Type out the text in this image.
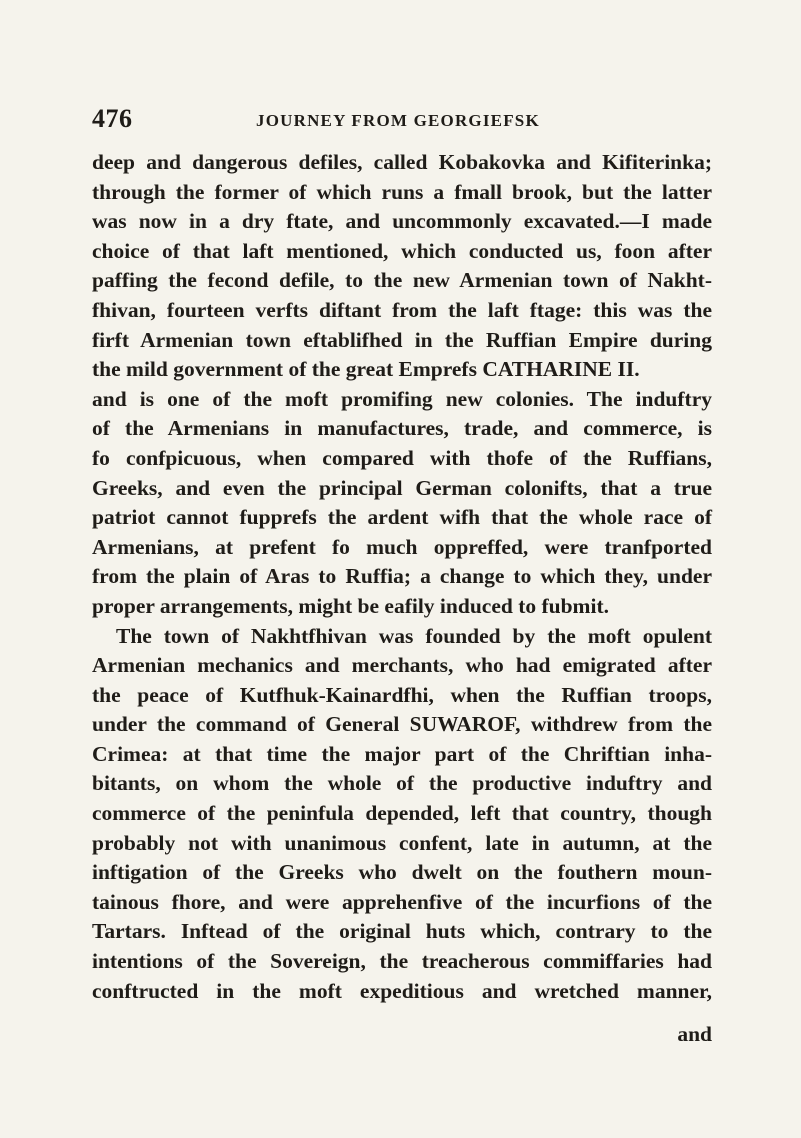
476	JOURNEY FROM GEORGIEFSK
deep and dangerous defiles, called Kobakovka and Kifiterinka;
through the former of which runs a fmall brook, but the latter
was now in a dry ftate, and uncommonly excavated.—I made
choice of that laft mentioned, which conducted us, foon after
paffing the fecond defile, to the new Armenian town of Nakht-
fhivan, fourteen verfts diftant from the laft ftage: this was the
firft Armenian town eftablifhed in the Ruffian Empire during
the mild government of the great Emprefs CATHARINE II.
and is one of the moft promifing new colonies. The induftry
of the Armenians in manufactures, trade, and commerce, is
fo confpicuous, when compared with thofe of the Ruffians,
Greeks, and even the principal German colonifts, that a true
patriot cannot fupprefs the ardent wifh that the whole race of
Armenians, at prefent fo much oppreffed, were tranfported
from the plain of Aras to Ruffia; a change to which they, under
proper arrangements, might be eafily induced to fubmit.
The town of Nakhtfhivan was founded by the moft opulent
Armenian mechanics and merchants, who had emigrated after
the peace of Kutfhuk-Kainardfhi, when the Ruffian troops,
under the command of General SUWAROF, withdrew from the
Crimea: at that time the major part of the Chriftian inha-
bitants, on whom the whole of the productive induftry and
commerce of the peninfula depended, left that country, though
probably not with unanimous confent, late in autumn, at the
inftigation of the Greeks who dwelt on the fouthern moun-
tainous fhore, and were apprehenfive of the incurfions of the
Tartars. Inftead of the original huts which, contrary to the
intentions of the Sovereign, the treacherous commiffaries had
conftructed in the moft expeditious and wretched manner,
and
